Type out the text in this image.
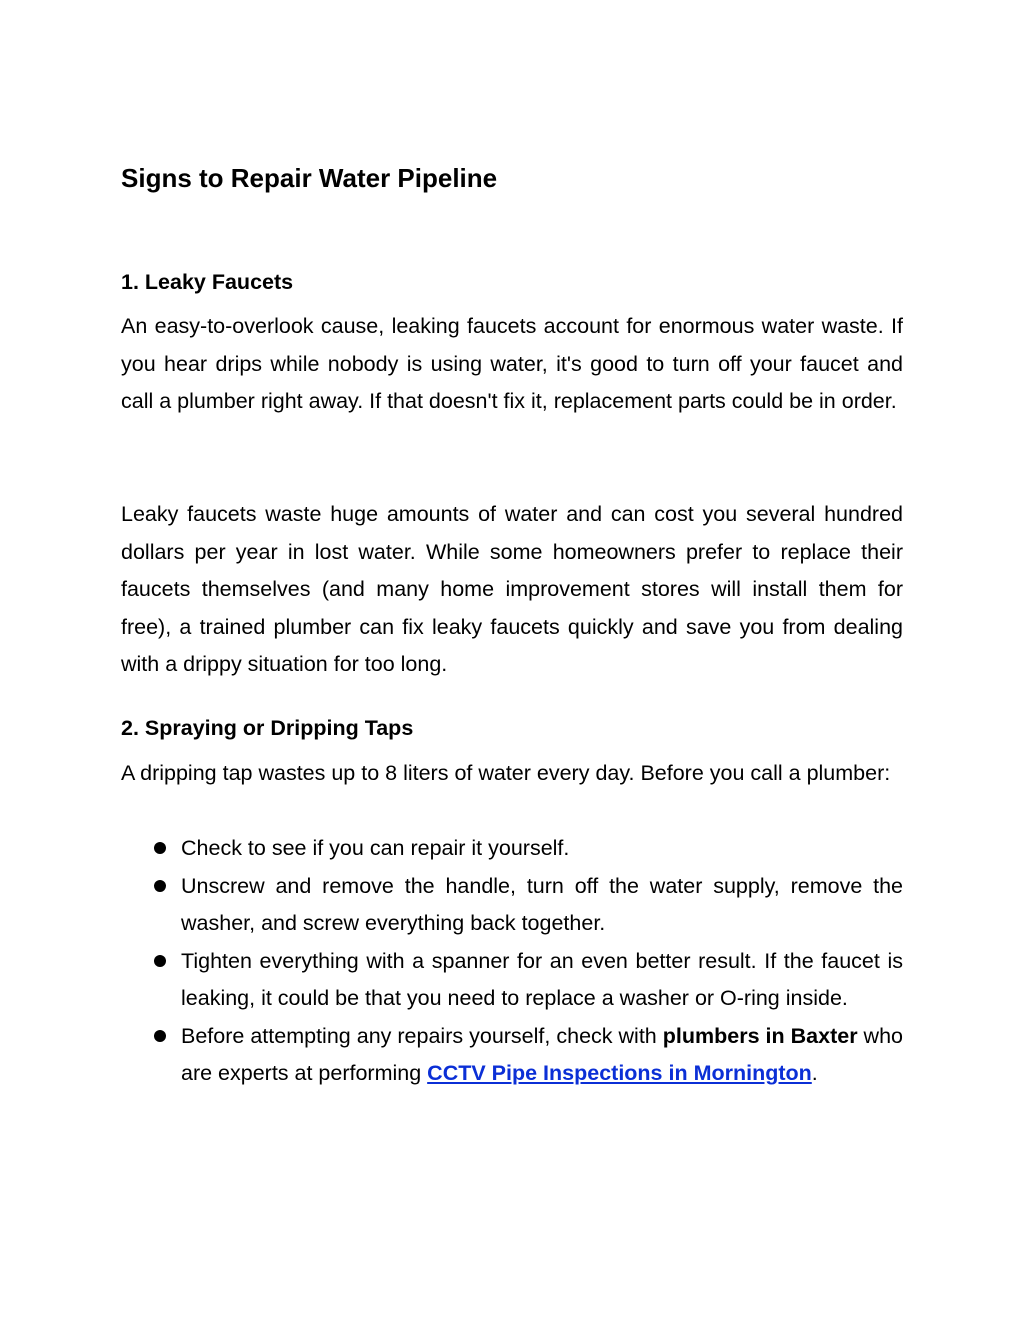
Signs to Repair Water Pipeline
1. Leaky Faucets

An easy-to-overlook cause, leaking faucets account for enormous water waste. If you hear drips while nobody is using water, it's good to turn off your faucet and call a plumber right away. If that doesn't fix it, replacement parts could be in order.

Leaky faucets waste huge amounts of water and can cost you several hundred dollars per year in lost water. While some homeowners prefer to replace their faucets themselves (and many home improvement stores will install them for free), a trained plumber can fix leaky faucets quickly and save you from dealing with a drippy situation for too long.

2. Spraying or Dripping Taps

A dripping tap wastes up to 8 liters of water every day. Before you call a plumber:

Check to see if you can repair it yourself.
Unscrew and remove the handle, turn off the water supply, remove the washer, and screw everything back together.
Tighten everything with a spanner for an even better result. If the faucet is leaking, it could be that you need to replace a washer or O-ring inside.
Before attempting any repairs yourself, check with plumbers in Baxter who are experts at performing CCTV Pipe Inspections in Mornington.
